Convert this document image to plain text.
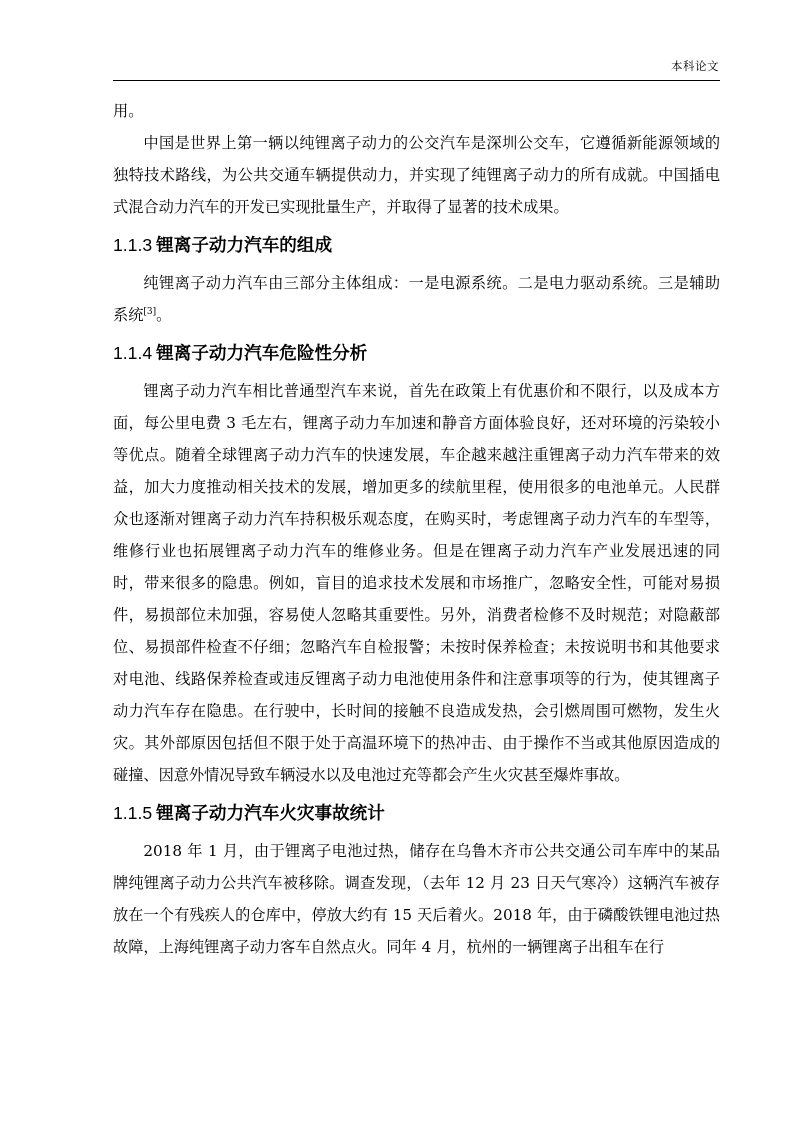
本科论文

用。

中国是世界上第一辆以纯锂离子动力的公交汽车是深圳公交车，它遵循新能源领域的独特技术路线，为公共交通车辆提供动力，并实现了纯锂离子动力的所有成就。中国插电式混合动力汽车的开发已实现批量生产，并取得了显著的技术成果。

1.1.3 锂离子动力汽车的组成

纯锂离子动力汽车由三部分主体组成：一是电源系统。二是电力驱动系统。三是辅助系统[3]。

1.1.4 锂离子动力汽车危险性分析

锂离子动力汽车相比普通型汽车来说，首先在政策上有优惠价和不限行，以及成本方面，每公里电费 3 毛左右，锂离子动力车加速和静音方面体验良好，还对环境的污染较小等优点。随着全球锂离子动力汽车的快速发展，车企越来越注重锂离子动力汽车带来的效益，加大力度推动相关技术的发展，增加更多的续航里程，使用很多的电池单元。人民群众也逐渐对锂离子动力汽车持积极乐观态度，在购买时，考虑锂离子动力汽车的车型等，维修行业也拓展锂离子动力汽车的维修业务。但是在锂离子动力汽车产业发展迅速的同时，带来很多的隐患。例如，盲目的追求技术发展和市场推广，忽略安全性，可能对易损件，易损部位未加强，容易使人忽略其重要性。另外，消费者检修不及时规范；对隐蔽部位、易损部件检查不仔细；忽略汽车自检报警；未按时保养检查；未按说明书和其他要求对电池、线路保养检查或违反锂离子动力电池使用条件和注意事项等的行为，使其锂离子动力汽车存在隐患。在行驶中，长时间的接触不良造成发热，会引燃周围可燃物，发生火灾。其外部原因包括但不限于处于高温环境下的热冲击、由于操作不当或其他原因造成的碰撞、因意外情况导致车辆浸水以及电池过充等都会产生火灾甚至爆炸事故。

1.1.5 锂离子动力汽车火灾事故统计

2018 年 1 月，由于锂离子电池过热，储存在乌鲁木齐市公共交通公司车库中的某品牌纯锂离子动力公共汽车被移除。调查发现，（去年 12 月 23 日天气寒冷）这辆汽车被存放在一个有残疾人的仓库中，停放大约有 15 天后着火。2018 年，由于磷酸铁锂电池过热故障，上海纯锂离子动力客车自然点火。同年 4 月，杭州的一辆锂离子出租车在行
